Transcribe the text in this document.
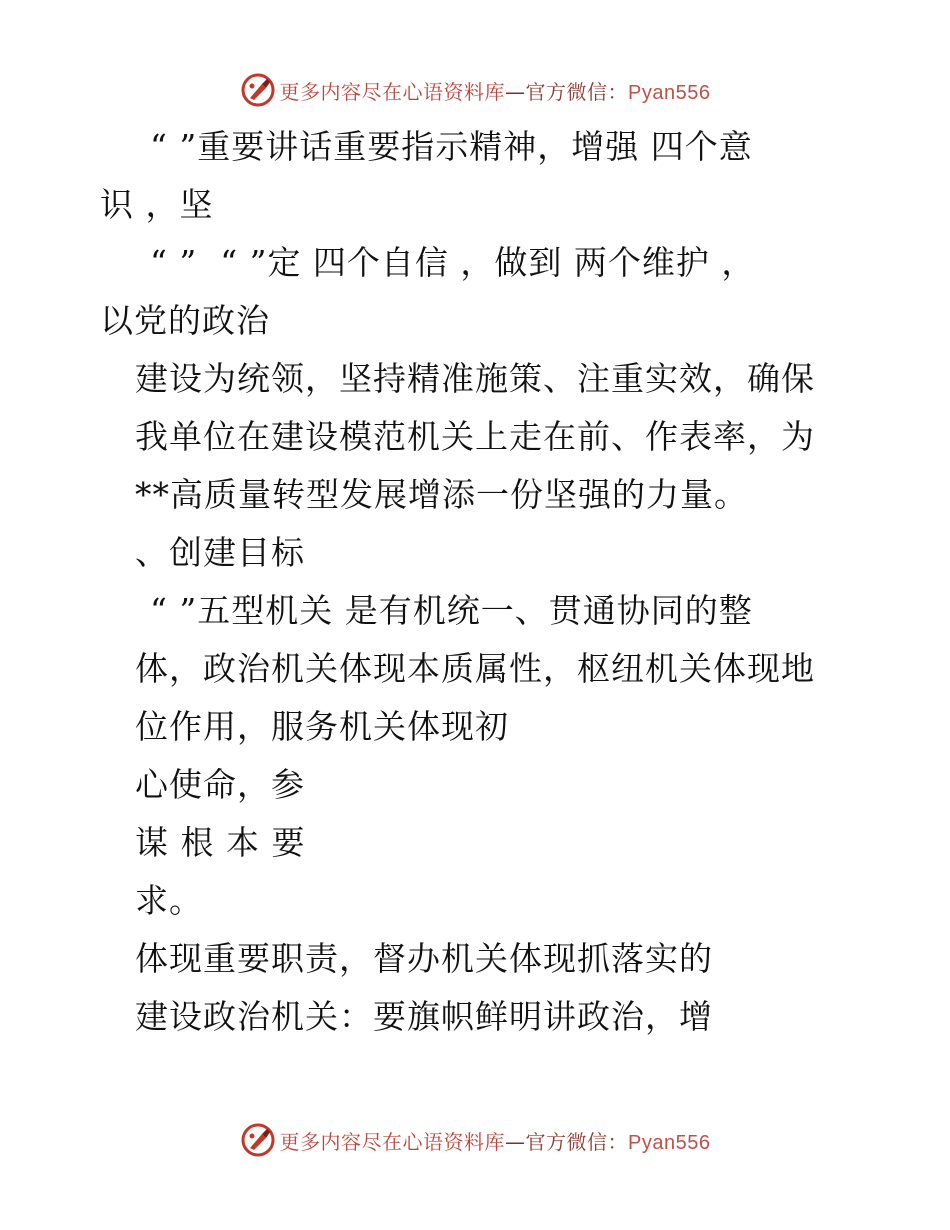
更多内容尽在心语资料库—官方微信：Pyan556
“ ”重要讲话重要指示精神，增强 四个意
识 ，坚
“ ”  “ ”定 四个自信 ，做到 两个维护 ，
以党的政治
建设为统领，坚持精准施策、注重实效，确保
我单位在建设模范机关上走在前、作表率，为
**高质量转型发展增添一份坚强的力量。
、创建目标
“ ”五型机关 是有机统一、贯通协同的整
体，政治机关体现本质属性，枢纽机关体现地
位作用，服务机关体现初
心使命，参
谋 根 本 要
求。
体现重要职责，督办机关体现抓落实的
建设政治机关：要旗帜鲜明讲政治，增
更多内容尽在心语资料库—官方微信：Pyan556
